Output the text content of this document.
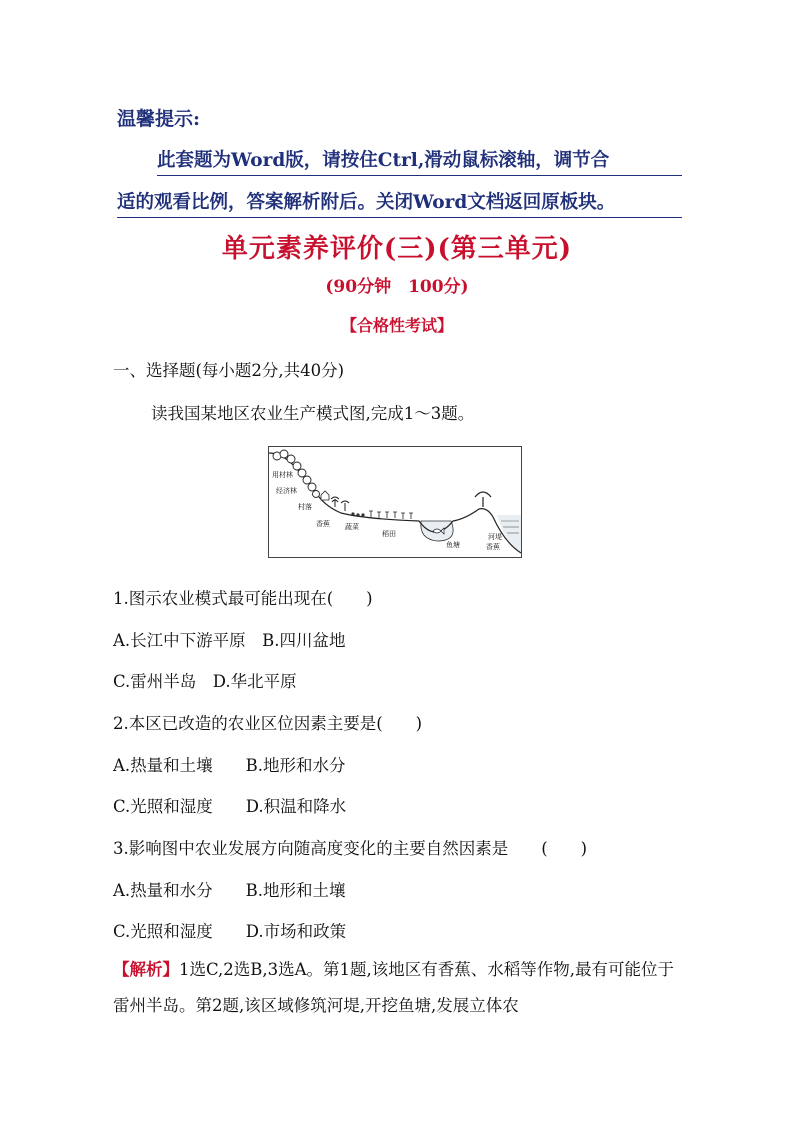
温馨提示:
此套题为Word版，请按住Ctrl,滑动鼠标滚轴，调节合
适的观看比例，答案解析附后。关闭Word文档返回原板块。
单元素养评价(三)(第三单元)
(90分钟　100分)
【合格性考试】
一、选择题(每小题2分,共40分)
读我国某地区农业生产模式图,完成1～3题。
用材林
经济林
村落
香蕉 蔬菜
稻田
鱼塘
河堤
香蕉
1.图示农业模式最可能出现在(　　)
A.长江中下游平原　B.四川盆地
C.雷州半岛　D.华北平原
2.本区已改造的农业区位因素主要是(　　)
A.热量和土壤　　B.地形和水分
C.光照和湿度　　D.积温和降水
3.影响图中农业发展方向随高度变化的主要自然因素是　　(　　)
A.热量和水分　　B.地形和土壤
C.光照和湿度　　D.市场和政策
【解析】1选C,2选B,3选A。第1题,该地区有香蕉、水稻等作物,最有可能位于雷州半岛。第2题,该区域修筑河堤,开挖鱼塘,发展立体农
